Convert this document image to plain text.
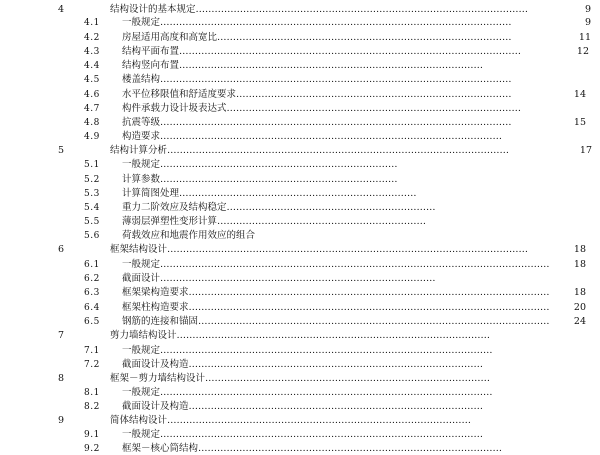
4	结构设计的基本规定……………………………………………………………………………………………	9
4.1 一般规定…………………………………………………………………………………………………	9
4.2 房屋适用高度和高宽比…………………………………………………………………………………	11
4.3 结构平面布置………………………………………………………………………………………………	12
4.4 结构竖向布置……………………………………………………………………………………
4.5 楼盖结构…………………………………………………………………………………………………
4.6 水平位移限值和舒适度要求……………………………………………………………………………	14
4.7 构件承载力设计圾表达式…………………………………………………………………………………
4.8 抗震等级…………………………………………………………………………………………………	15
4.9 构造要求………………………………………………………………………………………………
5	结构计算分析………………………………………………………………………………………………	17
5.1 一般规定…………………………………………………………………
5.2 计算参数…………………………………………………………………
5.3 计算简图处理…………………………………………………………………
5.4 重力二阶效应及结构稳定…………………………………………………………
5.5 薄弱层弹塑性变形计算…………………………………………………………
5.6 荷载效应和地震作用效应的组合
6	框架结构设计……………………………………………………………………………………………………	18
6.1 一般规定……………………………………………………………………………………………………………	18
6.2 截面设计……………………………………………………………………………
6.3 框架梁构造要求……………………………………………………………………………………………………	18
6.4 框架柱构造要求……………………………………………………………………………………………………	20
6.5 钢筋的连接和锚固…………………………………………………………………………………………………	24
7	剪力墙结构设计………………………………………………………………………………………
7.1 一般规定……………………………………………………………………………………………
7.2 截面设计及构造…………………………………………………………………………………
8	框架－剪力墙结构设计………………………………………………………………………………
8.1 一般规定……………………………………………………………………………………………
8.2 截面设计及构造…………………………………………………………………………………
9	简体结构设计……………………………………………………………………………………
9.1 一般规定…………………………………………………………………………………………
9.2 框架－核心筒结构……………………………………………………………………………………
